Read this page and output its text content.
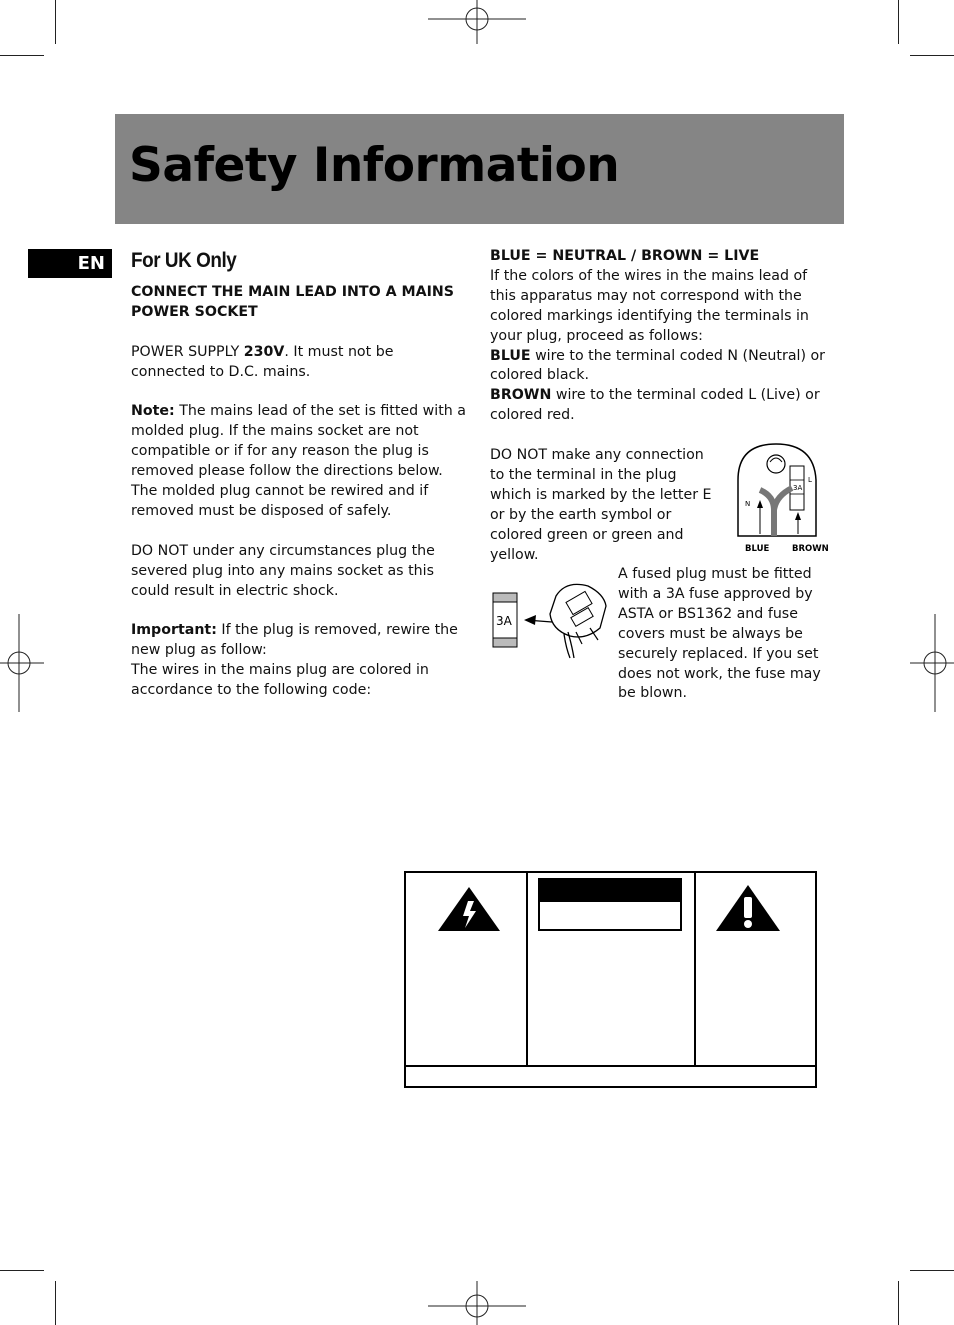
Safety Information
EN	For UK Only

CONNECT THE MAIN LEAD INTO A MAINS POWER SOCKET

POWER SUPPLY 230V. It must not be connected to D.C. mains.

Note: The mains lead of the set is fitted with a molded plug. If the mains socket are not compatible or if for any reason the plug is removed please follow the directions below. The molded plug cannot be rewired and if removed must be disposed of safely.

DO NOT under any circumstances plug the severed plug into any mains socket as this could result in electric shock.

Important: If the plug is removed, rewire the new plug as follow:

The wires in the mains plug are colored in accordance to the following code:

BLUE = NEUTRAL / BROWN = LIVE

If the colors of the wires in the mains lead of this apparatus may not correspond with the colored markings identifying the terminals in your plug, proceed as follows:

BLUE wire to the terminal coded N (Neutral) or colored black.

BROWN wire to the terminal coded L (Live) or colored red.

DO NOT make any connection to the terminal in the plug which is marked by the letter E or by the earth symbol or colored green or green and yellow.
3A
N
L
BLUE	BROWN
3A
A fused plug must be fitted with a 3A fuse approved by ASTA or BS1362 and fuse covers must be always be securely replaced. If you set does not work, the fuse may be blown.
